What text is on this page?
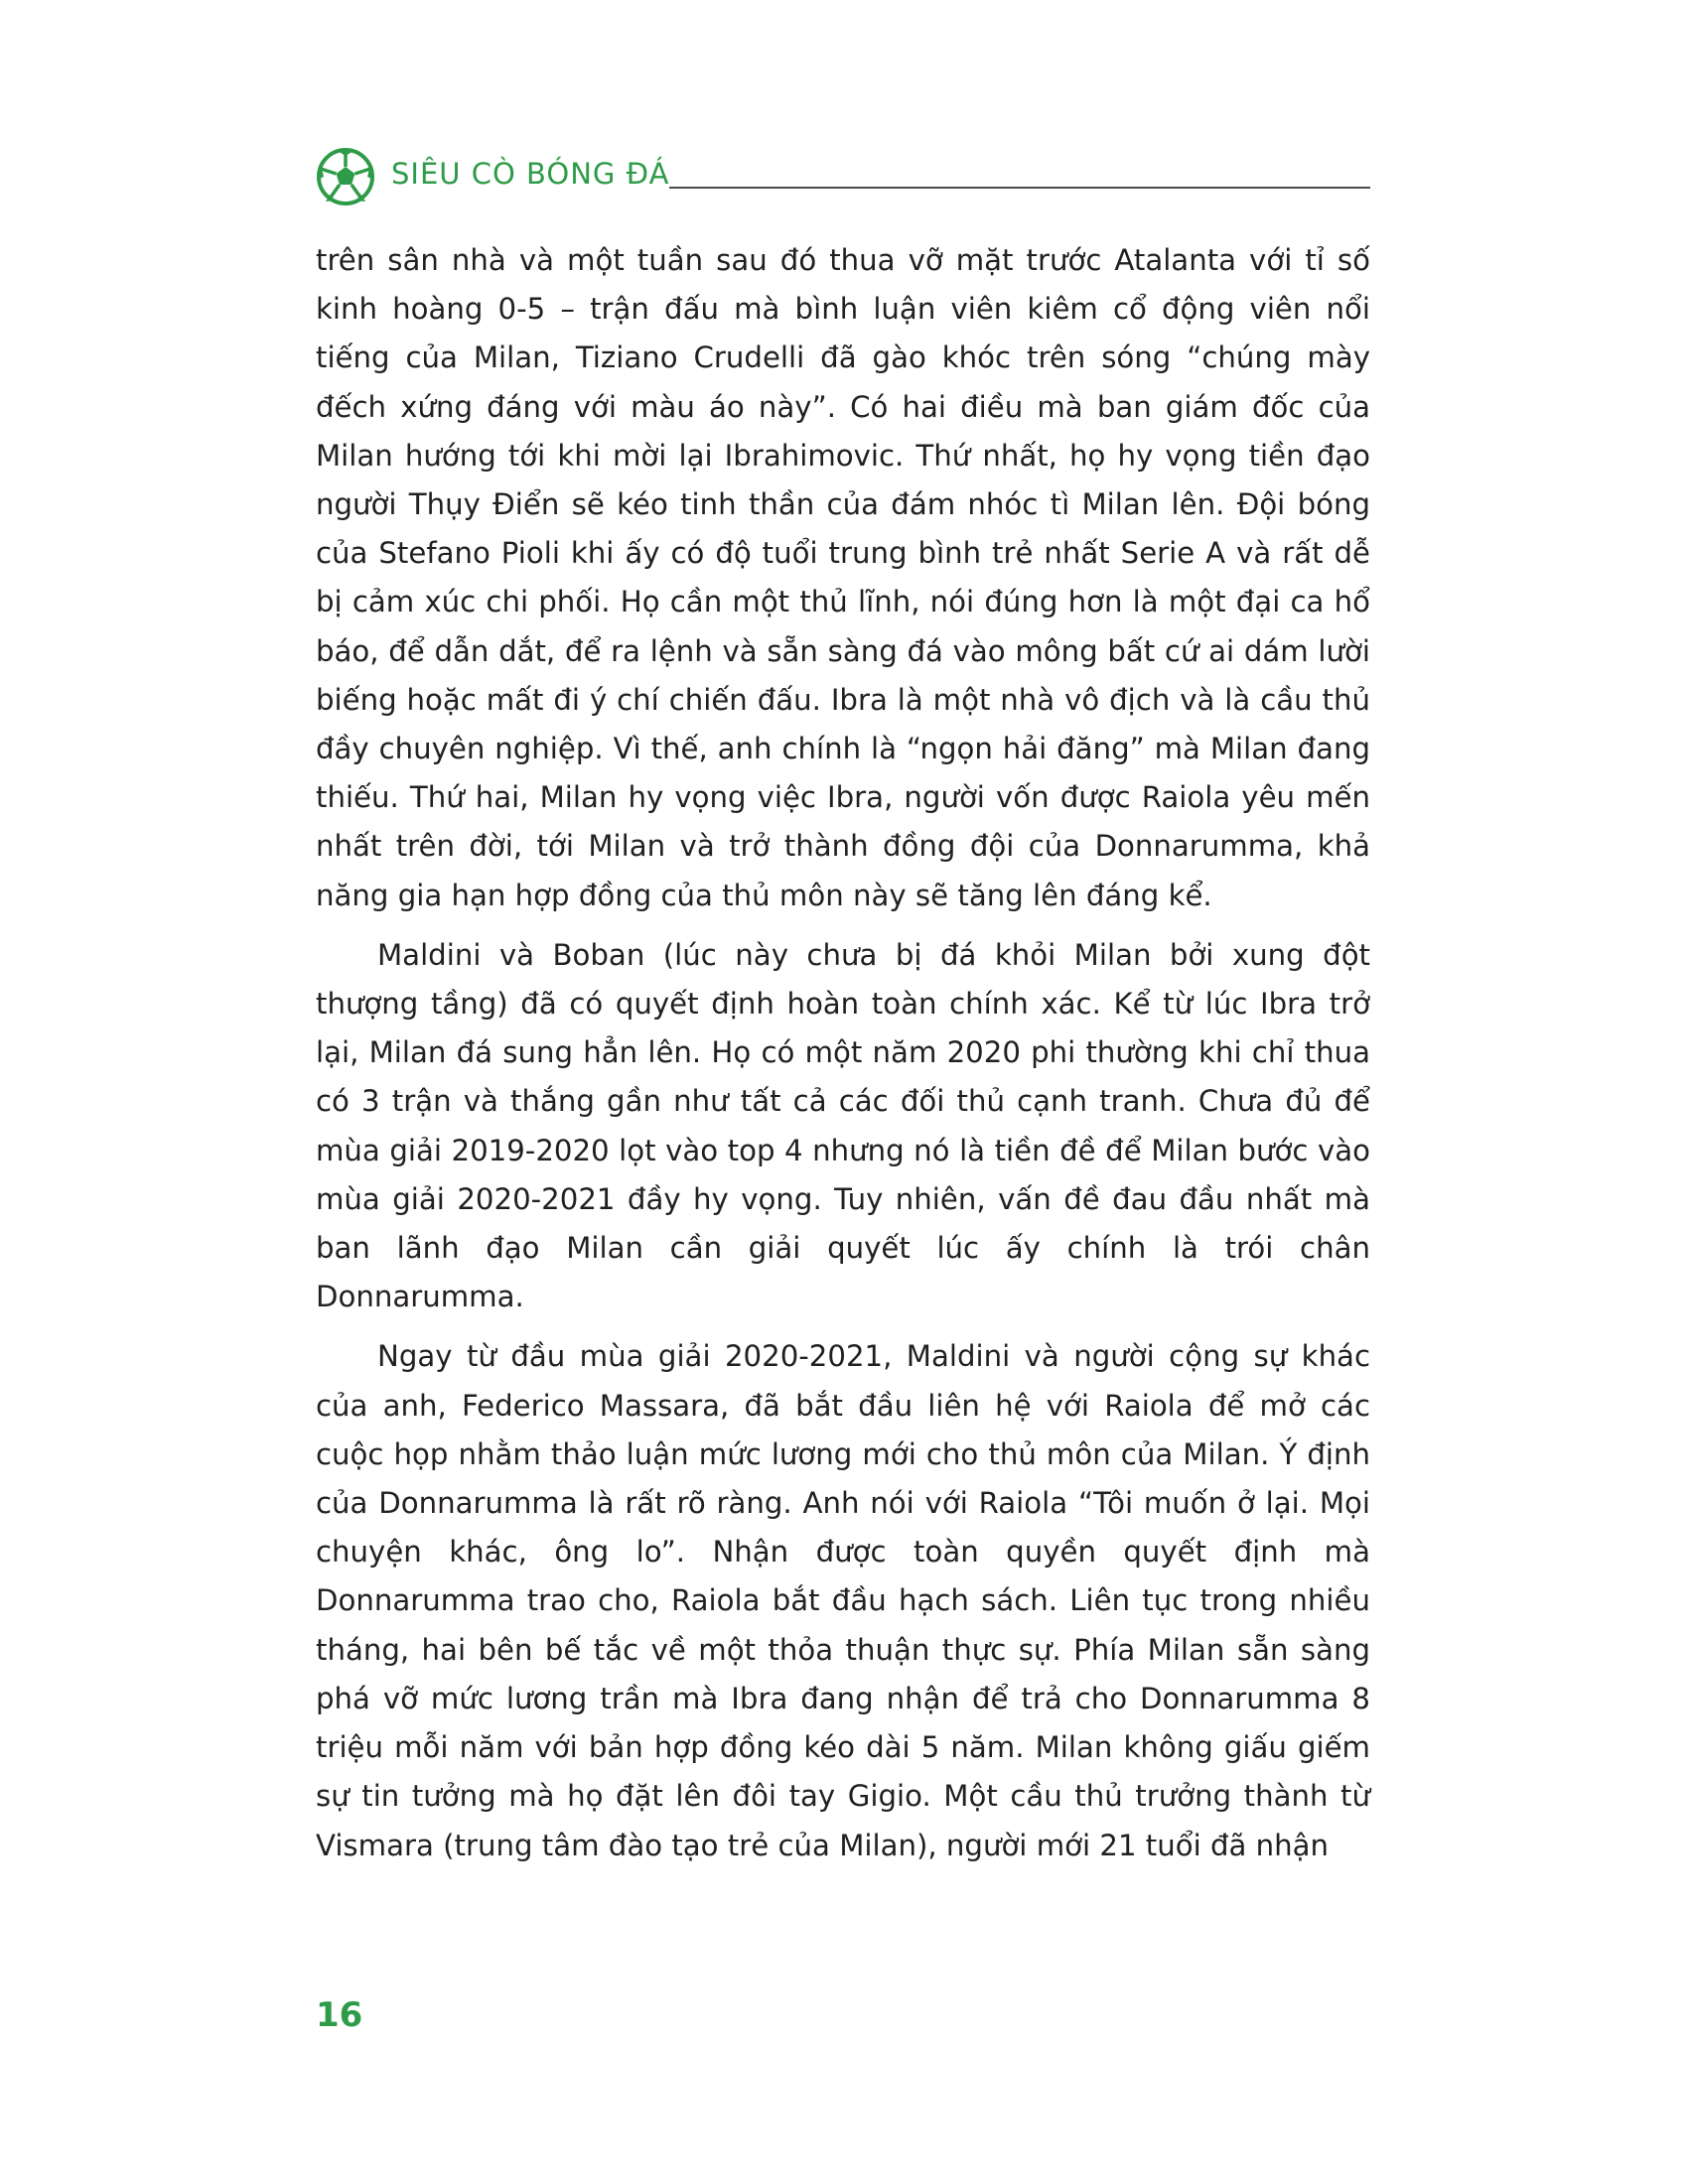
SIÊU CÒ BÓNG ĐÁ

trên sân nhà và một tuần sau đó thua vỡ mặt trước Atalanta với tỉ số kinh hoàng 0-5 – trận đấu mà bình luận viên kiêm cổ động viên nổi tiếng của Milan, Tiziano Crudelli đã gào khóc trên sóng “chúng mày đếch xứng đáng với màu áo này”. Có hai điều mà ban giám đốc của Milan hướng tới khi mời lại Ibrahimovic. Thứ nhất, họ hy vọng tiền đạo người Thụy Điển sẽ kéo tinh thần của đám nhóc tì Milan lên. Đội bóng của Stefano Pioli khi ấy có độ tuổi trung bình trẻ nhất Serie A và rất dễ bị cảm xúc chi phối. Họ cần một thủ lĩnh, nói đúng hơn là một đại ca hổ báo, để dẫn dắt, để ra lệnh và sẵn sàng đá vào mông bất cứ ai dám lười biếng hoặc mất đi ý chí chiến đấu. Ibra là một nhà vô địch và là cầu thủ đầy chuyên nghiệp. Vì thế, anh chính là “ngọn hải đăng” mà Milan đang thiếu. Thứ hai, Milan hy vọng việc Ibra, người vốn được Raiola yêu mến nhất trên đời, tới Milan và trở thành đồng đội của Donnarumma, khả năng gia hạn hợp đồng của thủ môn này sẽ tăng lên đáng kể.

Maldini và Boban (lúc này chưa bị đá khỏi Milan bởi xung đột thượng tầng) đã có quyết định hoàn toàn chính xác. Kể từ lúc Ibra trở lại, Milan đá sung hẳn lên. Họ có một năm 2020 phi thường khi chỉ thua có 3 trận và thắng gần như tất cả các đối thủ cạnh tranh. Chưa đủ để mùa giải 2019-2020 lọt vào top 4 nhưng nó là tiền đề để Milan bước vào mùa giải 2020-2021 đầy hy vọng. Tuy nhiên, vấn đề đau đầu nhất mà ban lãnh đạo Milan cần giải quyết lúc ấy chính là trói chân Donnarumma.

Ngay từ đầu mùa giải 2020-2021, Maldini và người cộng sự khác của anh, Federico Massara, đã bắt đầu liên hệ với Raiola để mở các cuộc họp nhằm thảo luận mức lương mới cho thủ môn của Milan. Ý định của Donnarumma là rất rõ ràng. Anh nói với Raiola “Tôi muốn ở lại. Mọi chuyện khác, ông lo”. Nhận được toàn quyền quyết định mà Donnarumma trao cho, Raiola bắt đầu hạch sách. Liên tục trong nhiều tháng, hai bên bế tắc về một thỏa thuận thực sự. Phía Milan sẵn sàng phá vỡ mức lương trần mà Ibra đang nhận để trả cho Donnarumma 8 triệu mỗi năm với bản hợp đồng kéo dài 5 năm. Milan không giấu giếm sự tin tưởng mà họ đặt lên đôi tay Gigio. Một cầu thủ trưởng thành từ Vismara (trung tâm đào tạo trẻ của Milan), người mới 21 tuổi đã nhận

16
